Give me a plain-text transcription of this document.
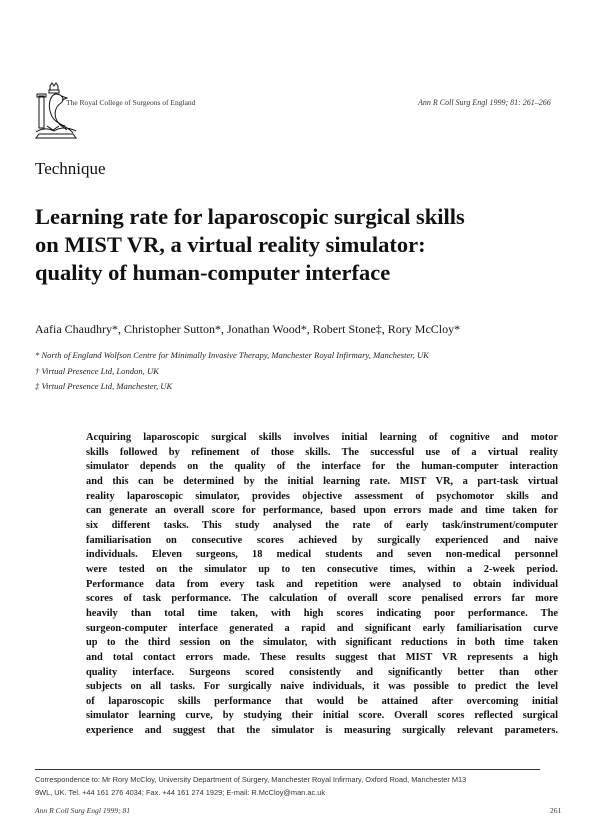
The Royal College of Surgeons of England	Ann R Coll Surg Engl 1999; 81: 261–266
Technique
Learning rate for laparoscopic surgical skills
on MIST VR, a virtual reality simulator:
quality of human-computer interface
Aafia Chaudhry*, Christopher Sutton*, Jonathan Wood*, Robert Stone‡, Rory McCloy*
* North of England Wolfson Centre for Minimally Invasive Therapy, Manchester Royal Infirmary, Manchester, UK
† Virtual Presence Ltd, London, UK
‡ Virtual Presence Ltd, Manchester, UK
Acquiring laparoscopic surgical skills involves initial learning of cognitive and motor
skills followed by refinement of those skills. The successful use of a virtual reality
simulator depends on the quality of the interface for the human-computer interaction
and this can be determined by the initial learning rate. MIST VR, a part-task virtual
reality laparoscopic simulator, provides objective assessment of psychomotor skills and
can generate an overall score for performance, based upon errors made and time taken for
six different tasks. This study analysed the rate of early task/instrument/computer
familiarisation on consecutive scores achieved by surgically experienced and naive
individuals. Eleven surgeons, 18 medical students and seven non-medical personnel
were tested on the simulator up to ten consecutive times, within a 2-week period.
Performance data from every task and repetition were analysed to obtain individual
scores of task performance. The calculation of overall score penalised errors far more
heavily than total time taken, with high scores indicating poor performance. The
surgeon-computer interface generated a rapid and significant early familiarisation curve
up to the third session on the simulator, with significant reductions in both time taken
and total contact errors made. These results suggest that MIST VR represents a high
quality interface. Surgeons scored consistently and significantly better than other
subjects on all tasks. For surgically naive individuals, it was possible to predict the level
of laparoscopic skills performance that would be attained after overcoming initial
simulator learning curve, by studying their initial score. Overall scores reflected surgical
experience and suggest that the simulator is measuring surgically relevant parameters.
Correspondence to: Mr Rory McCloy, University Department of Surgery, Manchester Royal Infirmary, Oxford Road, Manchester M13
9WL, UK. Tel. +44 161 276 4034; Fax. +44 161 274 1929; E-mail: R.McCloy@man.ac.uk
Ann R Coll Surg Engl 1999; 81	261
